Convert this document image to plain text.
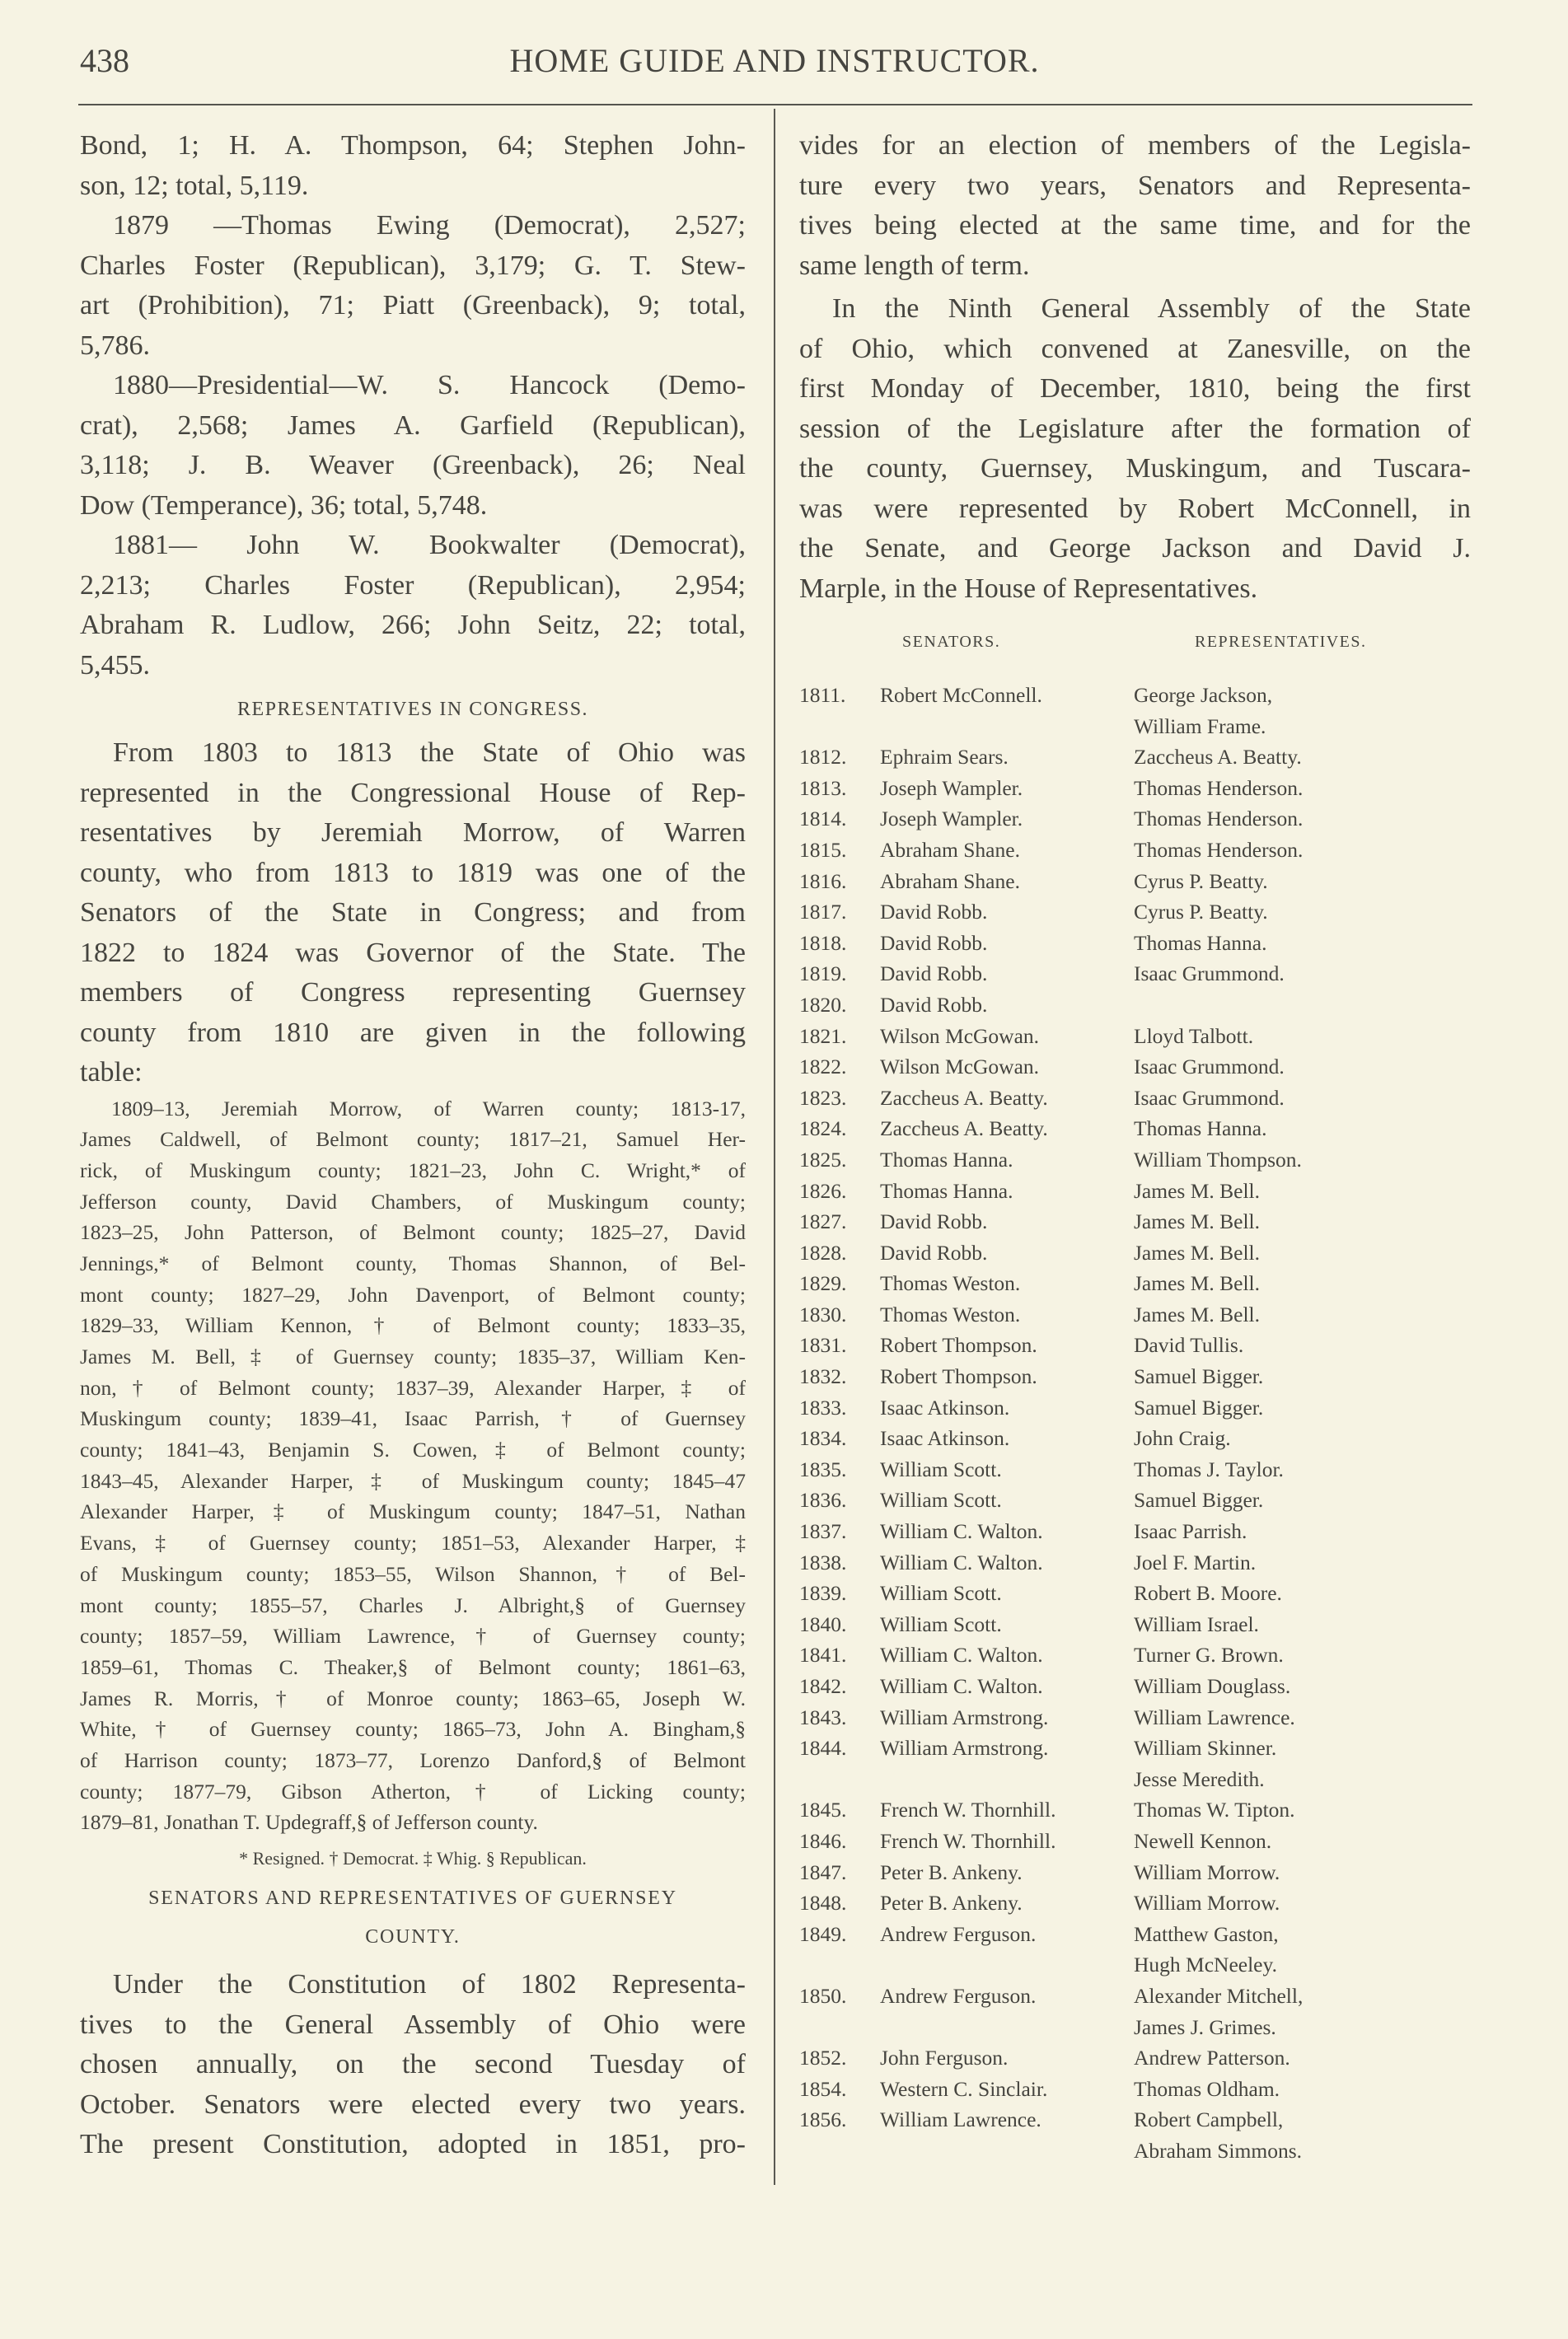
438	HOME GUIDE AND INSTRUCTOR.
Bond, 1; H. A. Thompson, 64; Stephen John-
son, 12; total, 5,119.
1879 —Thomas Ewing (Democrat), 2,527;
Charles Foster (Republican), 3,179; G. T. Stew-
art (Prohibition), 71; Piatt (Greenback), 9; total,
5,786.
1880—Presidential—W. S. Hancock (Demo-
crat), 2,568; James A. Garfield (Republican),
3,118; J. B. Weaver (Greenback), 26; Neal
Dow (Temperance), 36; total, 5,748.
1881— John W. Bookwalter (Democrat),
2,213; Charles Foster (Republican), 2,954;
Abraham R. Ludlow, 266; John Seitz, 22; total,
5,455.
REPRESENTATIVES IN CONGRESS.
From 1803 to 1813 the State of Ohio was
represented in the Congressional House of Rep-
resentatives by Jeremiah Morrow, of Warren
county, who from 1813 to 1819 was one of the
Senators of the State in Congress; and from
1822 to 1824 was Governor of the State. The
members of Congress representing Guernsey
county from 1810 are given in the following
table:
1809–13, Jeremiah Morrow, of Warren county; 1813-17,
James Caldwell, of Belmont county; 1817–21, Samuel Her-
rick, of Muskingum county; 1821–23, John C. Wright,* of
Jefferson county, David Chambers, of Muskingum county;
1823–25, John Patterson, of Belmont county; 1825–27, David
Jennings,* of Belmont county, Thomas Shannon, of Bel-
mont county; 1827–29, John Davenport, of Belmont county;
1829–33, William Kennon,† of Belmont county; 1833–35,
James M. Bell,‡ of Guernsey county; 1835–37, William Ken-
non,† of Belmont county; 1837–39, Alexander Harper,‡ of
Muskingum county; 1839–41, Isaac Parrish,† of Guernsey
county; 1841–43, Benjamin S. Cowen,‡ of Belmont county;
1843–45, Alexander Harper,‡ of Muskingum county; 1845–47
Alexander Harper,‡ of Muskingum county; 1847–51, Nathan
Evans,‡ of Guernsey county; 1851–53, Alexander Harper,‡
of Muskingum county; 1853–55, Wilson Shannon,† of Bel-
mont county; 1855–57, Charles J. Albright,§ of Guernsey
county; 1857–59, William Lawrence,† of Guernsey county;
1859–61, Thomas C. Theaker,§ of Belmont county; 1861–63,
James R. Morris,† of Monroe county; 1863–65, Joseph W.
White,† of Guernsey county; 1865–73, John A. Bingham,§
of Harrison county; 1873–77, Lorenzo Danford,§ of Belmont
county; 1877–79, Gibson Atherton,† of Licking county;
1879–81, Jonathan T. Updegraff,§ of Jefferson county.
* Resigned. † Democrat. ‡ Whig. § Republican.
SENATORS AND REPRESENTATIVES OF GUERNSEY
COUNTY.
Under the Constitution of 1802 Representa-
tives to the General Assembly of Ohio were
chosen annually, on the second Tuesday of
October. Senators were elected every two years.
The present Constitution, adopted in 1851, pro-
vides for an election of members of the Legisla-
ture every two years, Senators and Representa-
tives being elected at the same time, and for the
same length of term.
In the Ninth General Assembly of the State
of Ohio, which convened at Zanesville, on the
first Monday of December, 1810, being the first
session of the Legislature after the formation of
the county, Guernsey, Muskingum, and Tuscara-
was were represented by Robert McConnell, in
the Senate, and George Jackson and David J.
Marple, in the House of Representatives.
SENATORS.	REPRESENTATIVES.
1811. Robert McConnell.	George Jackson,
William Frame.
1812. Ephraim Sears.	Zaccheus A. Beatty.
1813. Joseph Wampler.	Thomas Henderson.
1814. Joseph Wampler.	Thomas Henderson.
1815. Abraham Shane.	Thomas Henderson.
1816. Abraham Shane.	Cyrus P. Beatty.
1817. David Robb.	Cyrus P. Beatty.
1818. David Robb.	Thomas Hanna.
1819. David Robb.	Isaac Grummond.
1820. David Robb.

1821. Wilson McGowan.	Lloyd Talbott.
1822. Wilson McGowan.	Isaac Grummond.
1823. Zaccheus A. Beatty.	Isaac Grummond.
1824. Zaccheus A. Beatty.	Thomas Hanna.
1825. Thomas Hanna.	William Thompson.
1826. Thomas Hanna.	James M. Bell.
1827. David Robb.	James M. Bell.
1828. David Robb.	James M. Bell.
1829. Thomas Weston.	James M. Bell.
1830. Thomas Weston.	James M. Bell.
1831. Robert Thompson.	David Tullis.
1832. Robert Thompson.	Samuel Bigger.
1833. Isaac Atkinson.	Samuel Bigger.
1834. Isaac Atkinson.	John Craig.
1835. William Scott.	Thomas J. Taylor.
1836. William Scott.	Samuel Bigger.
1837. William C. Walton.	Isaac Parrish.
1838. William C. Walton.	Joel F. Martin.
1839. William Scott.	Robert B. Moore.
1840. William Scott.	William Israel.
1841. William C. Walton.	Turner G. Brown.
1842. William C. Walton.	William Douglass.
1843. William Armstrong.	William Lawrence.
1844. William Armstrong.	William Skinner.
Jesse Meredith.
1845. French W. Thornhill.	Thomas W. Tipton.
1846. French W. Thornhill.	Newell Kennon.
1847. Peter B. Ankeny.	William Morrow.
1848. Peter B. Ankeny.	William Morrow.
1849. Andrew Ferguson.	Matthew Gaston,
Hugh McNeeley.
1850. Andrew Ferguson.	Alexander Mitchell,
James J. Grimes.
1852. John Ferguson.	Andrew Patterson.
1854. Western C. Sinclair.	Thomas Oldham.
1856. William Lawrence.	Robert Campbell,
Abraham Simmons.
